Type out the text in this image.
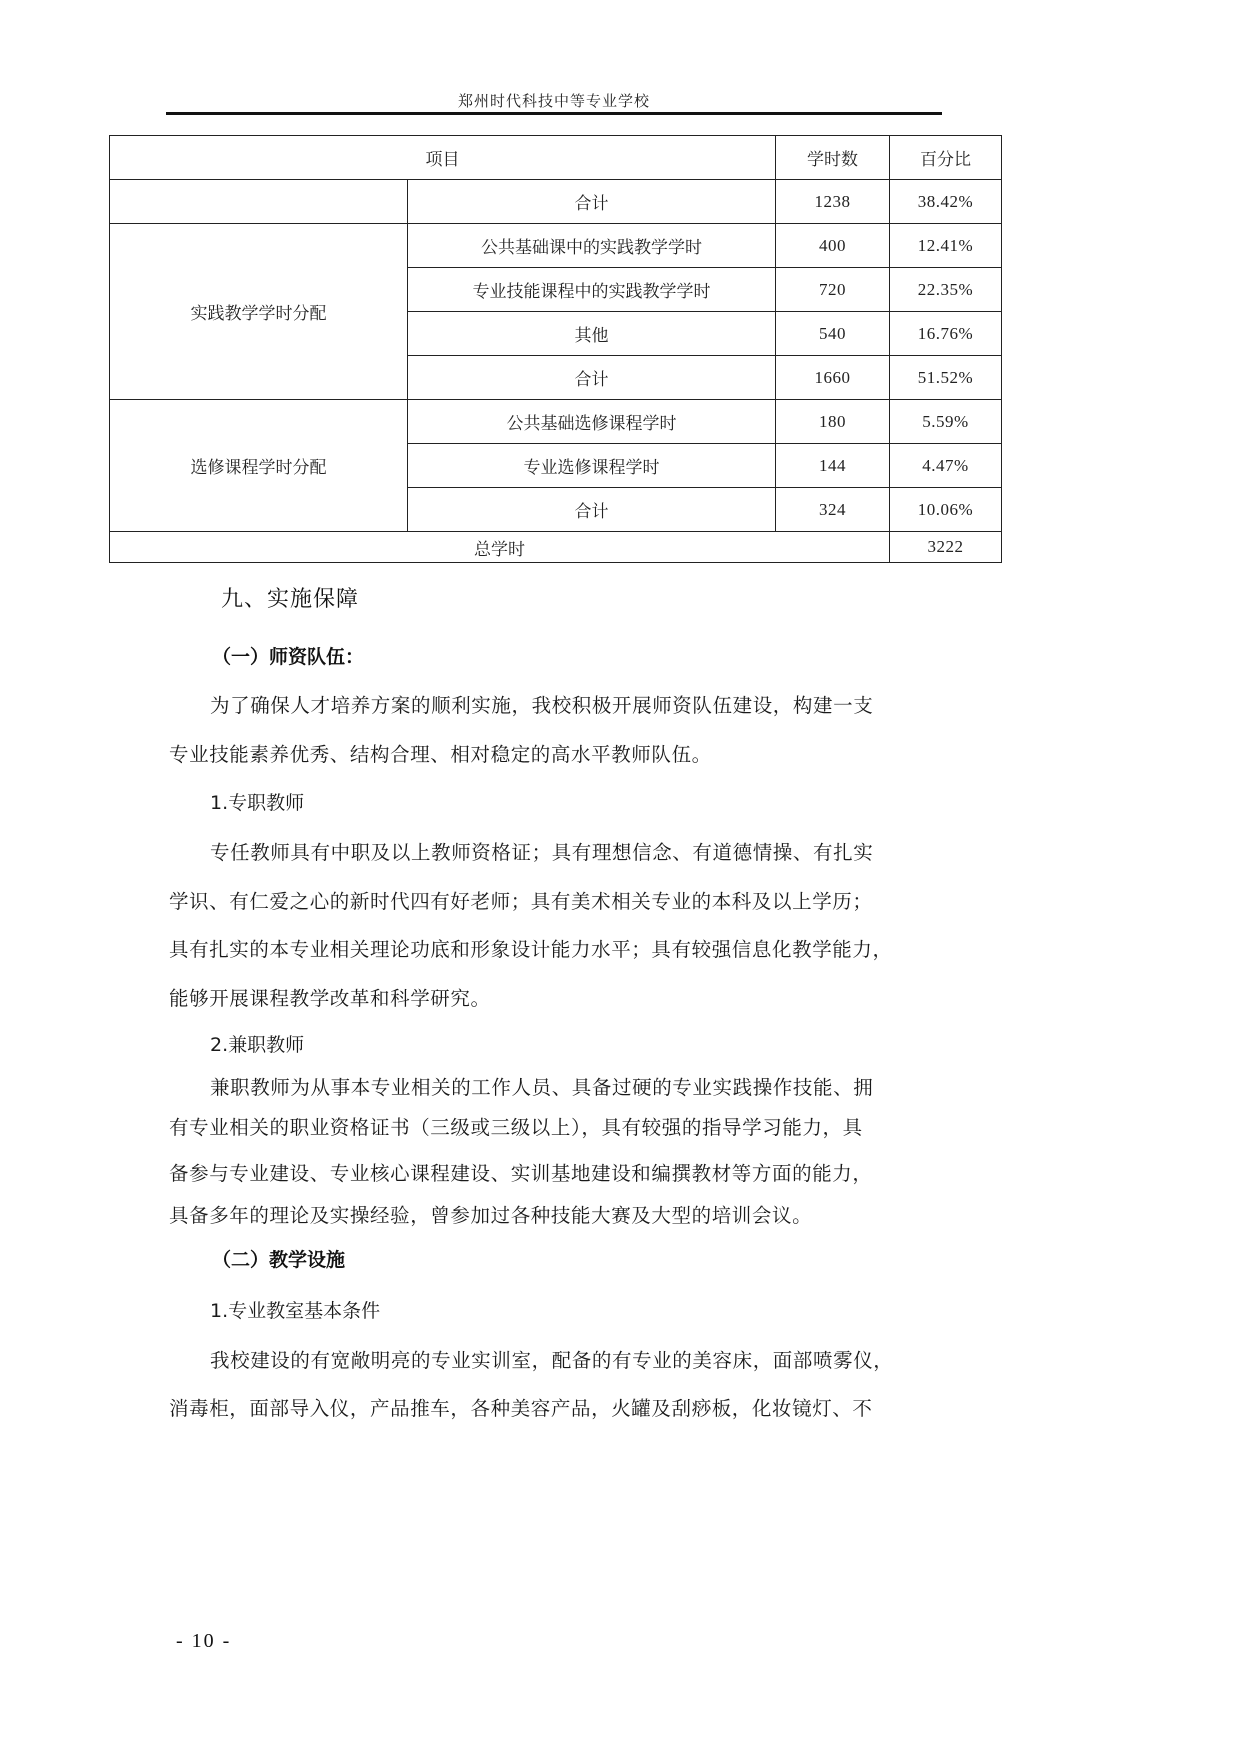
郑州时代科技中等专业学校
项目		学时数	百分比
	合计	1238	38.42%
实践教学学时分配	公共基础课中的实践教学学时	400	12.41%
	专业技能课程中的实践教学学时	720	22.35%
	其他	540	16.76%
	合计	1660	51.52%
选修课程学时分配	公共基础选修课程学时	180	5.59%
	专业选修课程学时	144	4.47%
	合计	324	10.06%
总学时			3222
九、实施保障
（一）师资队伍：
为了确保人才培养方案的顺利实施，我校积极开展师资队伍建设，构建一支
专业技能素养优秀、结构合理、相对稳定的高水平教师队伍。
1.专职教师
专任教师具有中职及以上教师资格证；具有理想信念、有道德情操、有扎实
学识、有仁爱之心的新时代四有好老师；具有美术相关专业的本科及以上学历；
具有扎实的本专业相关理论功底和形象设计能力水平；具有较强信息化教学能力，
能够开展课程教学改革和科学研究。
2.兼职教师
兼职教师为从事本专业相关的工作人员、具备过硬的专业实践操作技能、拥
有专业相关的职业资格证书（三级或三级以上），具有较强的指导学习能力，具
备参与专业建设、专业核心课程建设、实训基地建设和编撰教材等方面的能力，
具备多年的理论及实操经验，曾参加过各种技能大赛及大型的培训会议。
（二）教学设施
1.专业教室基本条件
我校建设的有宽敞明亮的专业实训室，配备的有专业的美容床，面部喷雾仪，
消毒柜，面部导入仪，产品推车，各种美容产品，火罐及刮痧板，化妆镜灯、不
- 10 -
